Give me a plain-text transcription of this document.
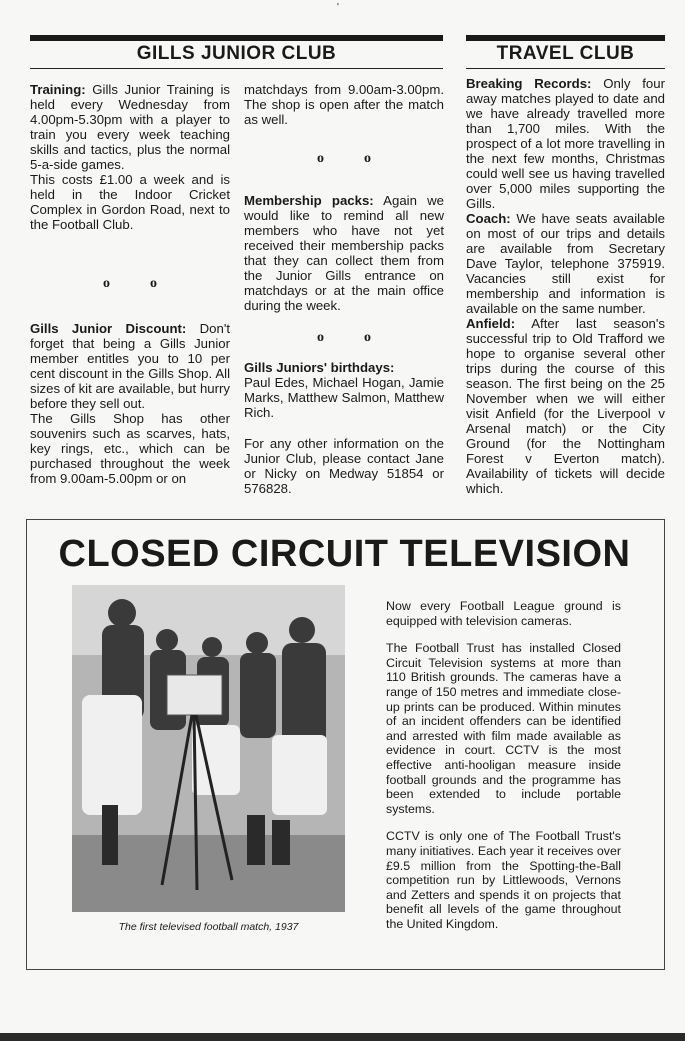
'
GILLS JUNIOR CLUB	TRAVEL CLUB

Training: Gills Junior Training is held every Wednesday from 4.00pm-5.30pm with a player to train you every week teaching skills and tactics, plus the normal 5-a-side games.

This costs £1.00 a week and is held in the Indoor Cricket Complex in Gordon Road, next to the Football Club.

o	o

Gills Junior Discount: Don't forget that being a Gills Junior member entitles you to 10 per cent discount in the Gills Shop. All sizes of kit are available, but hurry before they sell out.

The Gills Shop has other souvenirs such as scarves, hats, key rings, etc., which can be purchased throughout the week from 9.00am-5.00pm or on

matchdays from 9.00am-3.00pm. The shop is open after the match as well.

o	o

Membership packs: Again we would like to remind all new members who have not yet received their membership packs that they can collect them from the Junior Gills entrance on matchdays or at the main office during the week.

o	o

Gills Juniors' birthdays:

Paul Edes, Michael Hogan, Jamie Marks, Matthew Salmon, Matthew Rich.

For any other information on the Junior Club, please contact Jane or Nicky on Medway 51854 or 576828.

Breaking Records: Only four away matches played to date and we have already travelled more than 1,700 miles. With the prospect of a lot more travelling in the next few months, Christmas could well see us having travelled over 5,000 miles supporting the Gills.

Coach: We have seats available on most of our trips and details are available from Secretary Dave Taylor, telephone 375919. Vacancies still exist for membership and information is available on the same number.

Anfield: After last season's successful trip to Old Trafford we hope to organise several other trips during the course of this season. The first being on the 25 November when we will either visit Anfield (for the Liverpool v Arsenal match) or the City Ground (for the Nottingham Forest v Everton match). Availability of tickets will decide which.

CLOSED CIRCUIT TELEVISION
The first televised football match, 1937

Now every Football League ground is equipped with television cameras.

The Football Trust has installed Closed Circuit Television systems at more than 110 British grounds. The cameras have a range of 150 metres and immediate close-up prints can be produced. Within minutes of an incident offenders can be identified and arrested with film made available as evidence in court. CCTV is the most effective anti-hooligan measure inside football grounds and the programme has been extended to include portable systems.

CCTV is only one of The Football Trust's many initiatives. Each year it receives over £9.5 million from the Spotting-the-Ball competition run by Littlewoods, Vernons and Zetters and spends it on projects that benefit all levels of the game throughout the United Kingdom.
